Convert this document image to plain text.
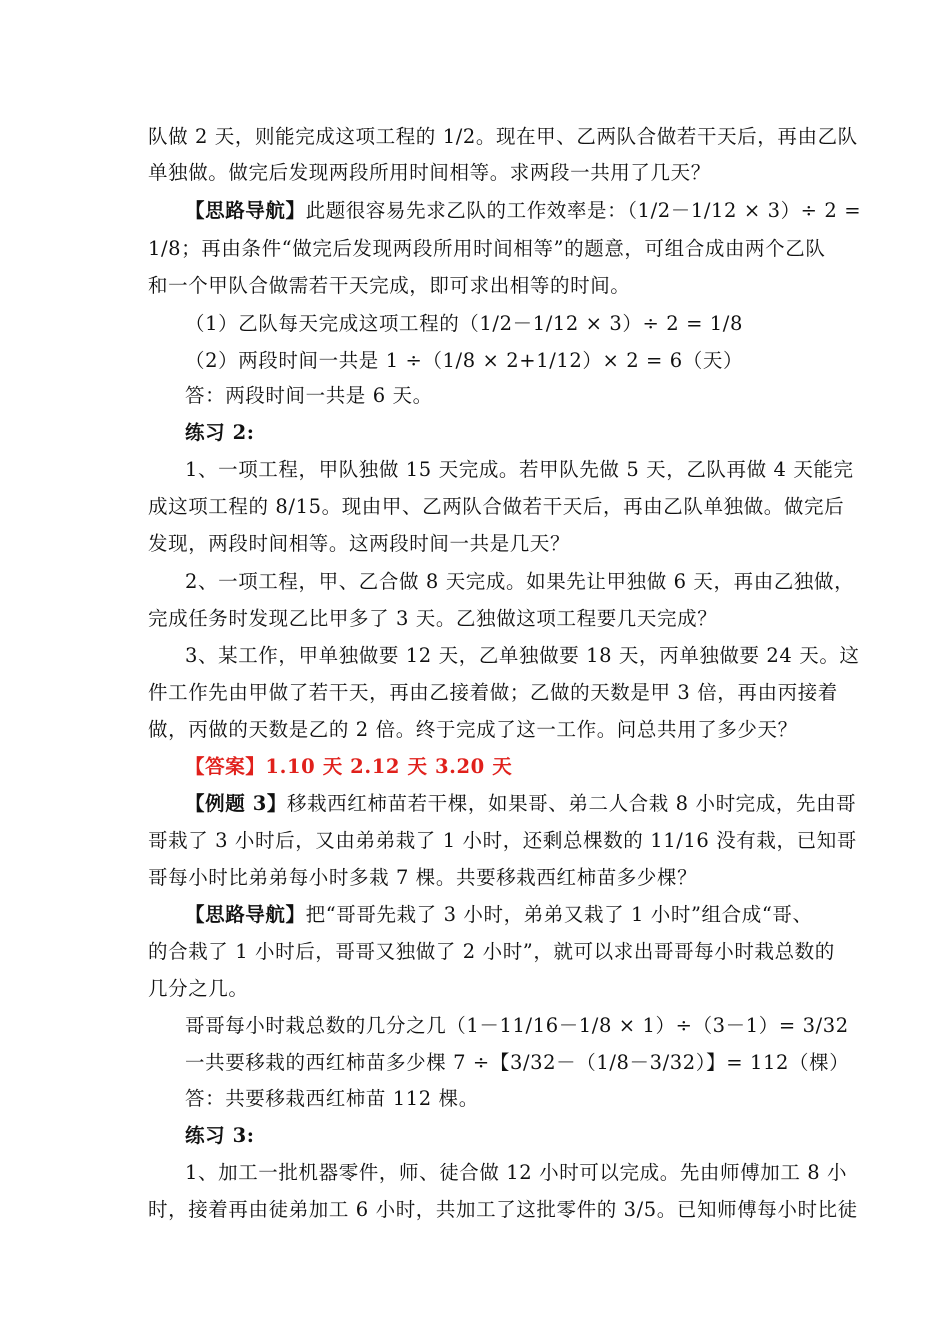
队做 2 天，则能完成这项工程的 1/2。现在甲、乙两队合做若干天后，再由乙队
单独做。做完后发现两段所用时间相等。求两段一共用了几天？
【思路导航】此题很容易先求乙队的工作效率是：（1/2－1/12 × 3）÷ 2 =
1/8；再由条件“做完后发现两段所用时间相等”的题意，可组合成由两个乙队
和一个甲队合做需若干天完成，即可求出相等的时间。
（1）乙队每天完成这项工程的（1/2－1/12 × 3）÷ 2 = 1/8
（2）两段时间一共是 1 ÷（1/8 × 2+1/12）× 2 = 6（天）
答：两段时间一共是 6 天。
练习 2:
1、一项工程，甲队独做 15 天完成。若甲队先做 5 天，乙队再做 4 天能完
成这项工程的 8/15。现由甲、乙两队合做若干天后，再由乙队单独做。做完后
发现，两段时间相等。这两段时间一共是几天？
2、一项工程，甲、乙合做 8 天完成。如果先让甲独做 6 天，再由乙独做，
完成任务时发现乙比甲多了 3 天。乙独做这项工程要几天完成？
3、某工作，甲单独做要 12 天，乙单独做要 18 天，丙单独做要 24 天。这
件工作先由甲做了若干天，再由乙接着做；乙做的天数是甲 3 倍，再由丙接着
做，丙做的天数是乙的 2 倍。终于完成了这一工作。问总共用了多少天？
【答案】1.10 天 2.12 天 3.20 天
【例题 3】移栽西红柿苗若干棵，如果哥、弟二人合栽 8 小时完成，先由哥
哥栽了 3 小时后，又由弟弟栽了 1 小时，还剩总棵数的 11/16 没有栽，已知哥
哥每小时比弟弟每小时多栽 7 棵。共要移栽西红柿苗多少棵？
【思路导航】把“哥哥先栽了 3 小时，弟弟又栽了 1 小时”组合成“哥、
的合栽了 1 小时后，哥哥又独做了 2 小时”，就可以求出哥哥每小时栽总数的
几分之几。
哥哥每小时栽总数的几分之几（1－11/16－1/8 × 1）÷（3－1）= 3/32
一共要移栽的西红柿苗多少棵 7 ÷【3/32－（1/8－3/32）】= 112（棵）
答：共要移栽西红柿苗 112 棵。
练习 3:
1、加工一批机器零件，师、徒合做 12 小时可以完成。先由师傅加工 8 小
时，接着再由徒弟加工 6 小时，共加工了这批零件的 3/5。已知师傅每小时比徒
